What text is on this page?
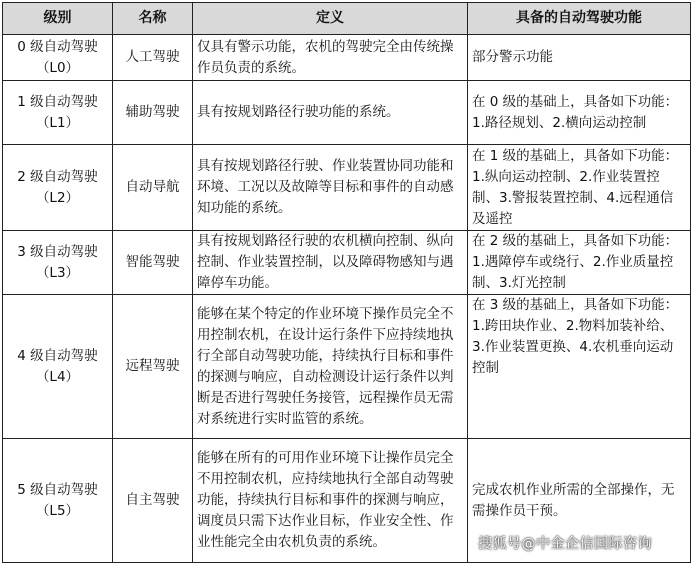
级别	名称	定义	具备的自动驾驶功能
0 级自动驾驶
（L0）	人工驾驶	仅具有警示功能，农机的驾驶完全由传统操作员负责的系统。	部分警示功能
1 级自动驾驶
（L1）	辅助驾驶	具有按规划路径行驶功能的系统。	在 0 级的基础上，具备如下功能：1.路径规划、2.横向运动控制
2 级自动驾驶
（L2）	自动导航	具有按规划路径行驶、作业装置协同功能和环境、工况以及故障等目标和事件的自动感知功能的系统。	在 1 级的基础上，具备如下功能：1.纵向运动控制、2.作业装置控制、3.警报装置控制、4.远程通信及遥控
3 级自动驾驶
（L3）	智能驾驶	具有按规划路径行驶的农机横向控制、纵向控制、作业装置控制，以及障碍物感知与遇障停车功能。	在 2 级的基础上，具备如下功能：1.遇障停车或绕行、2.作业质量控制、3.灯光控制
4 级自动驾驶
（L4）	远程驾驶	能够在某个特定的作业环境下操作员完全不用控制农机，在设计运行条件下应持续地执行全部自动驾驶功能，持续执行目标和事件的探测与响应，自动检测设计运行条件以判断是否进行驾驶任务接管，远程操作员无需对系统进行实时监管的系统。	在 3 级的基础上，具备如下功能：1.跨田块作业、2.物料加装补给、3.作业装置更换、4.农机垂向运动控制
5 级自动驾驶
（L5）	自主驾驶	能够在所有的可用作业环境下让操作员完全不用控制农机，应持续地执行全部自动驾驶功能，持续执行目标和事件的探测与响应，调度员只需下达作业目标，作业安全性、作业性能完全由农机负责的系统。	完成农机作业所需的全部操作，无需操作员干预。
搜狐号@中金企信国际咨询
